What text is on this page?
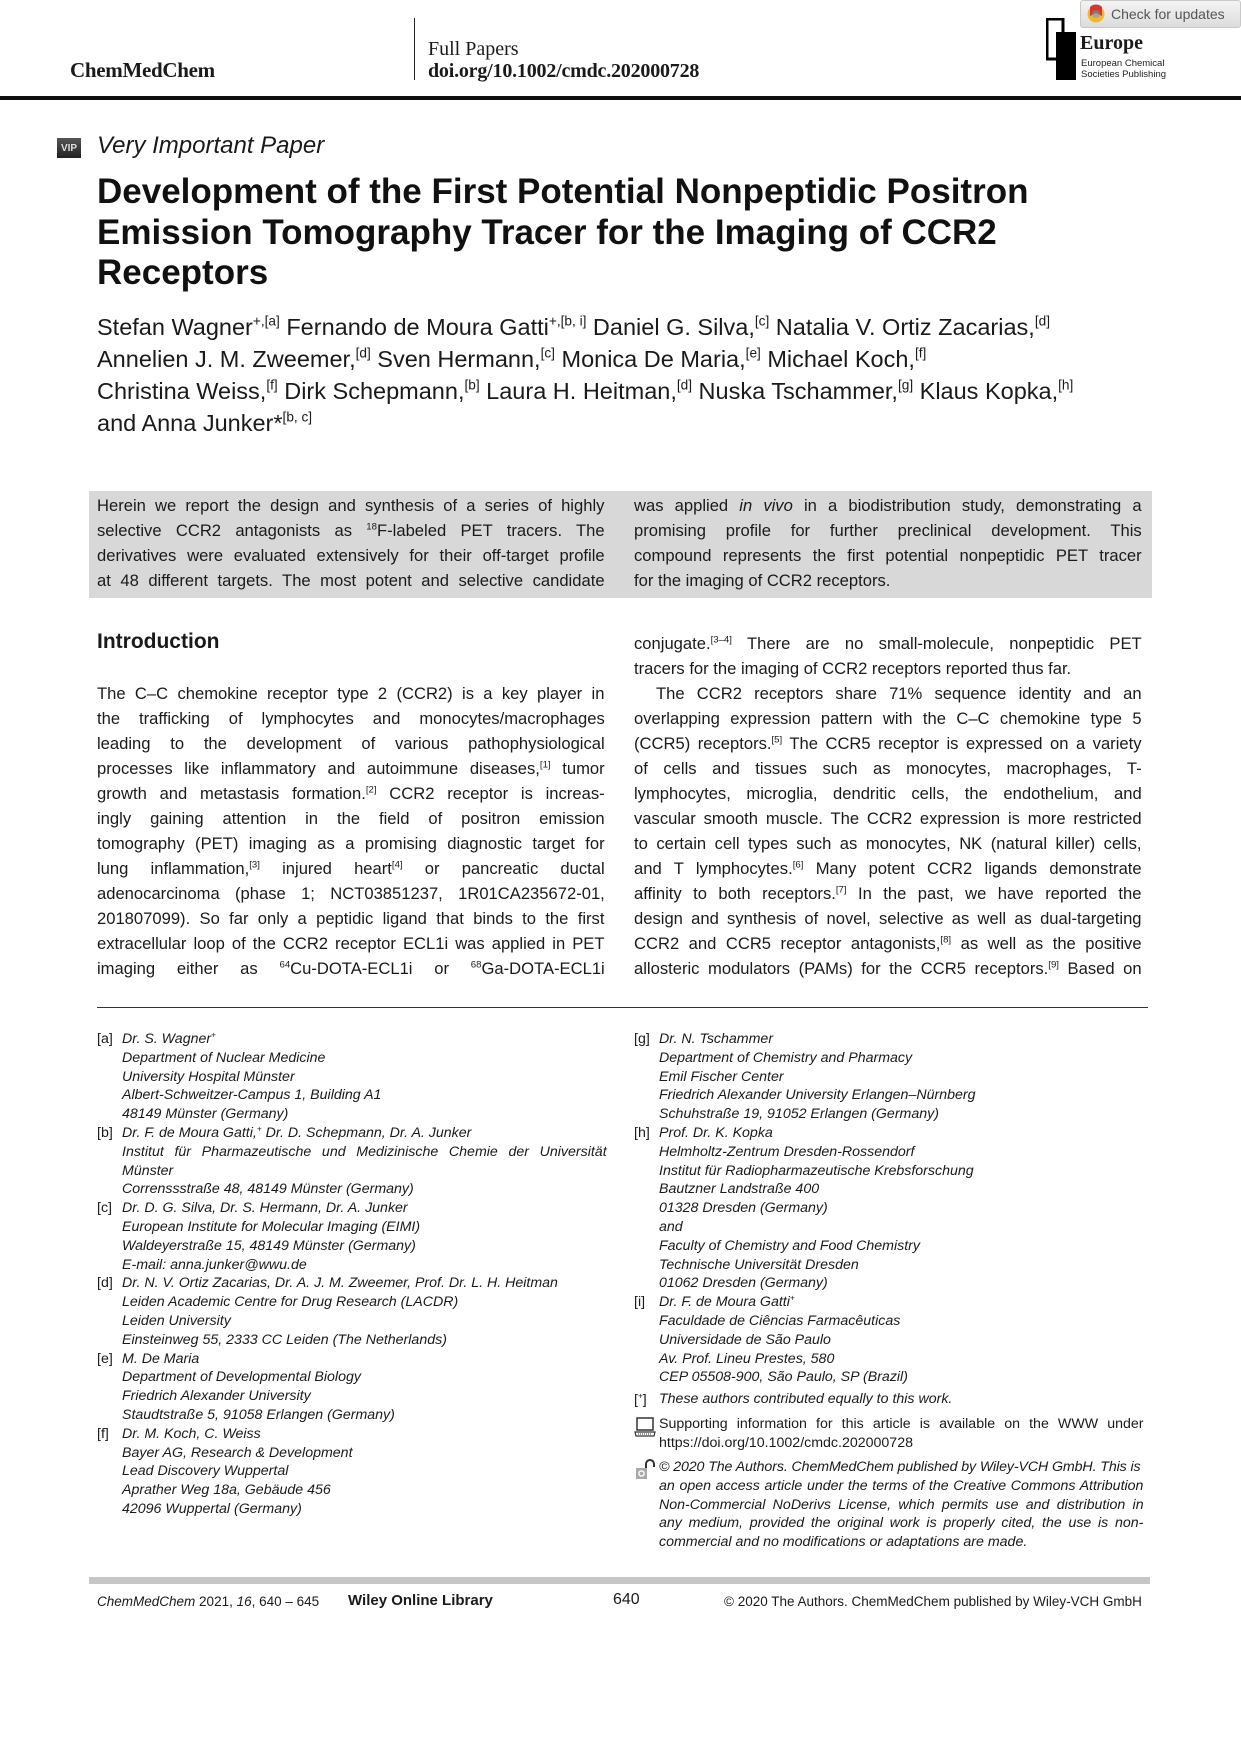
ChemMedChem
Full Papers
doi.org/10.1002/cmdc.202000728
Europe
European Chemical
Societies Publishing
Check for updates
VIP Very Important Paper
Development of the First Potential Nonpeptidic Positron
Emission Tomography Tracer for the Imaging of CCR2
Receptors
Stefan Wagner$^{+,[a]}$ Fernando de Moura Gatti$^{+,[b, i]}$ Daniel G. Silva,[c] Natalia V. Ortiz Zacarias,[d]
Annelien J. M. Zweemer,[d] Sven Hermann,[c] Monica De Maria,[e] Michael Koch,[f]
Christina Weiss,[f] Dirk Schepmann,[b] Laura H. Heitman,[d] Nuska Tschammer,[g] Klaus Kopka,[h]
and Anna Junker*[b, c]
Herein we report the design and synthesis of a series of highly
selective CCR2 antagonists as $^{18}$F-labeled PET tracers. The
derivatives were evaluated extensively for their off-target profile
at 48 different targets. The most potent and selective candidate
was applied in vivo in a biodistribution study, demonstrating a
promising profile for further preclinical development. This
compound represents the first potential nonpeptidic PET tracer
for the imaging of CCR2 receptors.
Introduction
The C–C chemokine receptor type 2 (CCR2) is a key player in
the trafficking of lymphocytes and monocytes/macrophages
leading to the development of various pathophysiological
processes like inflammatory and autoimmune diseases,[1] tumor
growth and metastasis formation.[2] CCR2 receptor is increas-
ingly gaining attention in the field of positron emission
tomography (PET) imaging as a promising diagnostic target for
lung inflammation,[3] injured heart[4] or pancreatic ductal
adenocarcinoma (phase 1; NCT03851237, 1R01CA235672-01,
201807099). So far only a peptidic ligand that binds to the first
extracellular loop of the CCR2 receptor ECL1i was applied in PET
imaging either as $^{64}$Cu-DOTA-ECL1i or $^{68}$Ga-DOTA-ECL1i
conjugate.[3–4] There are no small-molecule, nonpeptidic PET
tracers for the imaging of CCR2 receptors reported thus far.
The CCR2 receptors share 71% sequence identity and an
overlapping expression pattern with the C–C chemokine type 5
(CCR5) receptors.[5] The CCR5 receptor is expressed on a variety
of cells and tissues such as monocytes, macrophages, T-
lymphocytes, microglia, dendritic cells, the endothelium, and
vascular smooth muscle. The CCR2 expression is more restricted
to certain cell types such as monocytes, NK (natural killer) cells,
and T lymphocytes.[6] Many potent CCR2 ligands demonstrate
affinity to both receptors.[7] In the past, we have reported the
design and synthesis of novel, selective as well as dual-targeting
CCR2 and CCR5 receptor antagonists,[8] as well as the positive
allosteric modulators (PAMs) for the CCR5 receptors.[9] Based on
[a] Dr. S. Wagner+
Department of Nuclear Medicine
University Hospital Münster
Albert-Schweitzer-Campus 1, Building A1
48149 Münster (Germany)
[b] Dr. F. de Moura Gatti,+ Dr. D. Schepmann, Dr. A. Junker
Institut für Pharmazeutische und Medizinische Chemie der Universität
Münster
Correnssstraße 48, 48149 Münster (Germany)
[c] Dr. D. G. Silva, Dr. S. Hermann, Dr. A. Junker
European Institute for Molecular Imaging (EIMI)
Waldeyerstraße 15, 48149 Münster (Germany)
E-mail: anna.junker@wwu.de
[d] Dr. N. V. Ortiz Zacarias, Dr. A. J. M. Zweemer, Prof. Dr. L. H. Heitman
Leiden Academic Centre for Drug Research (LACDR)
Leiden University
Einsteinweg 55, 2333 CC Leiden (The Netherlands)
[e] M. De Maria
Department of Developmental Biology
Friedrich Alexander University
Staudtstraße 5, 91058 Erlangen (Germany)
[f] Dr. M. Koch, C. Weiss
Bayer AG, Research & Development
Lead Discovery Wuppertal
Aprather Weg 18a, Gebäude 456
42096 Wuppertal (Germany)
[g] Dr. N. Tschammer
Department of Chemistry and Pharmacy
Emil Fischer Center
Friedrich Alexander University Erlangen–Nürnberg
Schuhstraße 19, 91052 Erlangen (Germany)
[h] Prof. Dr. K. Kopka
Helmholtz-Zentrum Dresden-Rossendorf
Institut für Radiopharmazeutische Krebsforschung
Bautzner Landstraße 400
01328 Dresden (Germany)
and
Faculty of Chemistry and Food Chemistry
Technische Universität Dresden
01062 Dresden (Germany)
[i] Dr. F. de Moura Gatti+
Faculdade de Ciências Farmacêuticas
Universidade de São Paulo
Av. Prof. Lineu Prestes, 580
CEP 05508-900, São Paulo, SP (Brazil)
[+] These authors contributed equally to this work.
Supporting information for this article is available on the WWW under
https://doi.org/10.1002/cmdc.202000728
© 2020 The Authors. ChemMedChem published by Wiley-VCH GmbH. This is
an open access article under the terms of the Creative Commons Attribution
Non-Commercial NoDerivs License, which permits use and distribution in
any medium, provided the original work is properly cited, the use is non-
commercial and no modifications or adaptations are made.
ChemMedChem 2021, 16, 640 – 645 Wiley Online Library	640	© 2020 The Authors. ChemMedChem published by Wiley-VCH GmbH
